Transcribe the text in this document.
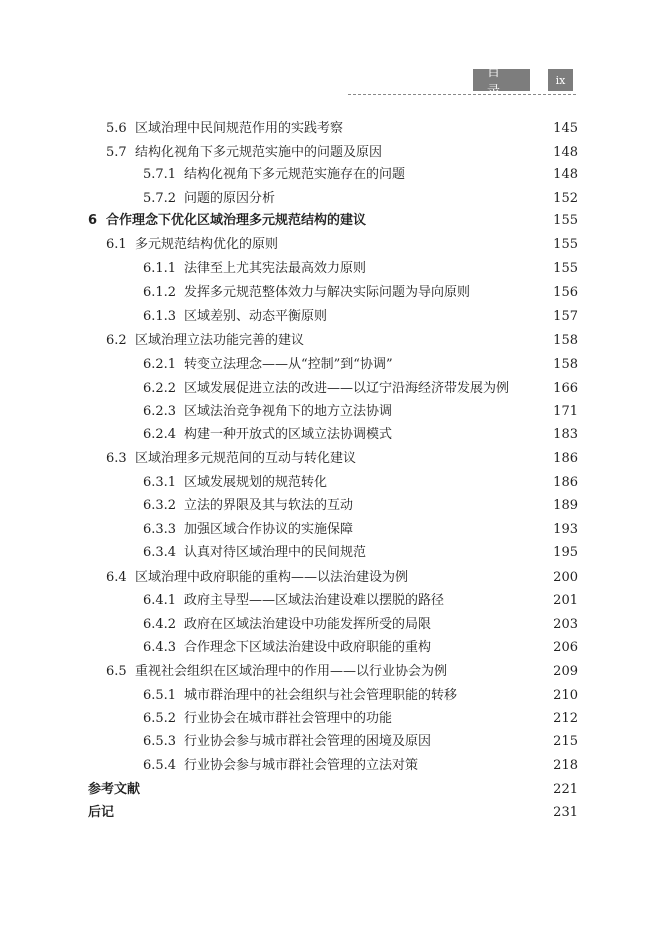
目 录
ix
5.6 区域治理中民间规范作用的实践考察	145
5.7 结构化视角下多元规范实施中的问题及原因	148
5.7.1 结构化视角下多元规范实施存在的问题	148
5.7.2 问题的原因分析	152
6 合作理念下优化区域治理多元规范结构的建议	155
6.1 多元规范结构优化的原则	155
6.1.1 法律至上尤其宪法最高效力原则	155
6.1.2 发挥多元规范整体效力与解决实际问题为导向原则	156
6.1.3 区域差别、动态平衡原则	157
6.2 区域治理立法功能完善的建议	158
6.2.1 转变立法理念——从“控制”到“协调”	158
6.2.2 区域发展促进立法的改进——以辽宁沿海经济带发展为例	166
6.2.3 区域法治竞争视角下的地方立法协调	171
6.2.4 构建一种开放式的区域立法协调模式	183
6.3 区域治理多元规范间的互动与转化建议	186
6.3.1 区域发展规划的规范转化	186
6.3.2 立法的界限及其与软法的互动	189
6.3.3 加强区域合作协议的实施保障	193
6.3.4 认真对待区域治理中的民间规范	195
6.4 区域治理中政府职能的重构——以法治建设为例	200
6.4.1 政府主导型——区域法治建设难以摆脱的路径	201
6.4.2 政府在区域法治建设中功能发挥所受的局限	203
6.4.3 合作理念下区域法治建设中政府职能的重构	206
6.5 重视社会组织在区域治理中的作用——以行业协会为例	209
6.5.1 城市群治理中的社会组织与社会管理职能的转移	210
6.5.2 行业协会在城市群社会管理中的功能	212
6.5.3 行业协会参与城市群社会管理的困境及原因	215
6.5.4 行业协会参与城市群社会管理的立法对策	218
参考文献	221
后记	231
